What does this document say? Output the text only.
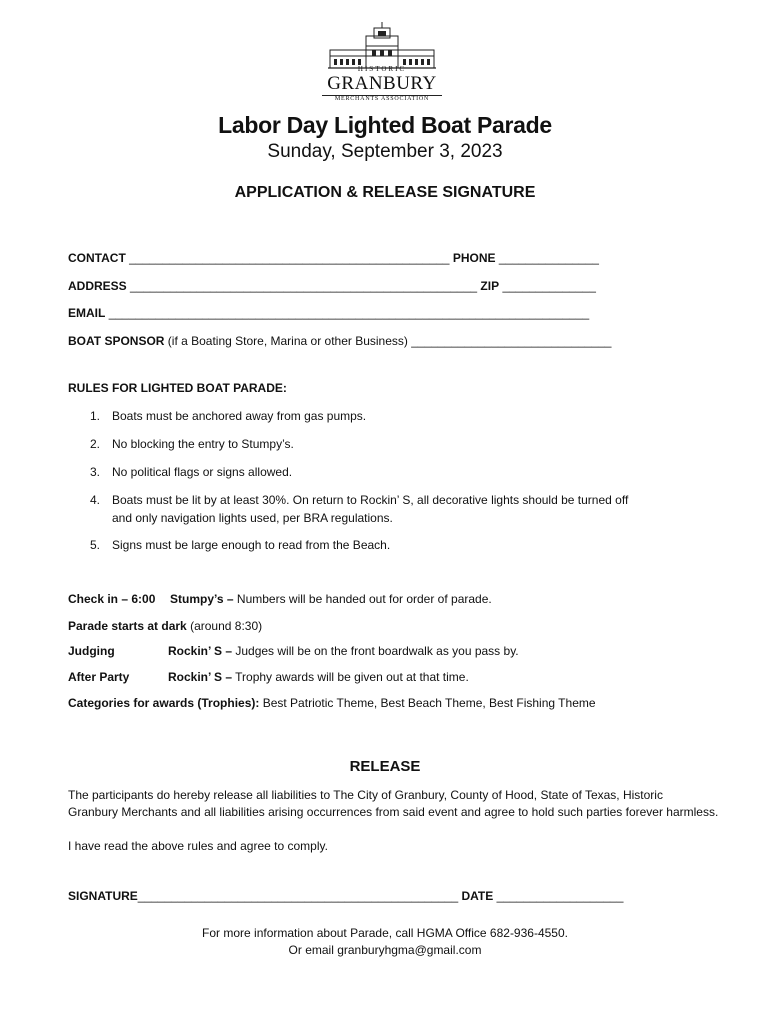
HISTORIC
GRANBURY
MERCHANTS ASSOCIATION
Labor Day Lighted Boat Parade
Sunday, September 3, 2023
APPLICATION & RELEASE SIGNATURE
CONTACT ________________________________________________ PHONE _______________
ADDRESS ____________________________________________________ ZIP ______________
EMAIL ________________________________________________________________________
BOAT SPONSOR (if a Boating Store, Marina or other Business) ______________________________
RULES FOR LIGHTED BOAT PARADE:
1. Boats must be anchored away from gas pumps.
2. No blocking the entry to Stumpy’s.
3. No political flags or signs allowed.
4. Boats must be lit by at least 30%. On return to Rockin’ S, all decorative lights should be turned off
and only navigation lights used, per BRA regulations.
5. Signs must be large enough to read from the Beach.
Check in – 6:00 Stumpy’s – Numbers will be handed out for order of parade.
Parade starts at dark (around 8:30)
Judging	Rockin’ S – Judges will be on the front boardwalk as you pass by.
After Party	Rockin’ S – Trophy awards will be given out at that time.
Categories for awards (Trophies): Best Patriotic Theme, Best Beach Theme, Best Fishing Theme
RELEASE
The participants do hereby release all liabilities to The City of Granbury, County of Hood, State of Texas, Historic
Granbury Merchants and all liabilities arising occurrences from said event and agree to hold such parties forever harmless.
I have read the above rules and agree to comply.
SIGNATURE________________________________________________ DATE ___________________
For more information about Parade, call HGMA Office 682-936-4550.
Or email granburyhgma@gmail.com
